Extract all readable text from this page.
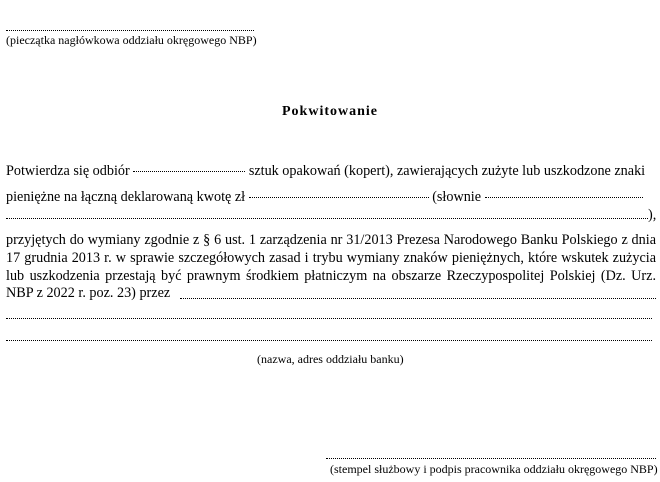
(pieczątka nagłówkowa oddziału okręgowego NBP)
Pokwitowanie
Potwierdza się odbiór	sztuk opakowań (kopert), zawierających zużyte lub uszkodzone znaki
pieniężne na łączną deklarowaną kwotę zł	(słownie
),
przyjętych do wymiany zgodnie z § 6 ust. 1 zarządzenia nr 31/2013 Prezesa Narodowego Banku Polskiego z dnia
17 grudnia 2013 r. w sprawie szczegółowych zasad i trybu wymiany znaków pieniężnych, które wskutek zużycia
lub uszkodzenia przestają być prawnym środkiem płatniczym na obszarze Rzeczypospolitej Polskiej (Dz. Urz.
NBP z 2022 r. poz. 23) przez
(nazwa, adres oddziału banku)
(stempel służbowy i podpis pracownika oddziału okręgowego NBP)
